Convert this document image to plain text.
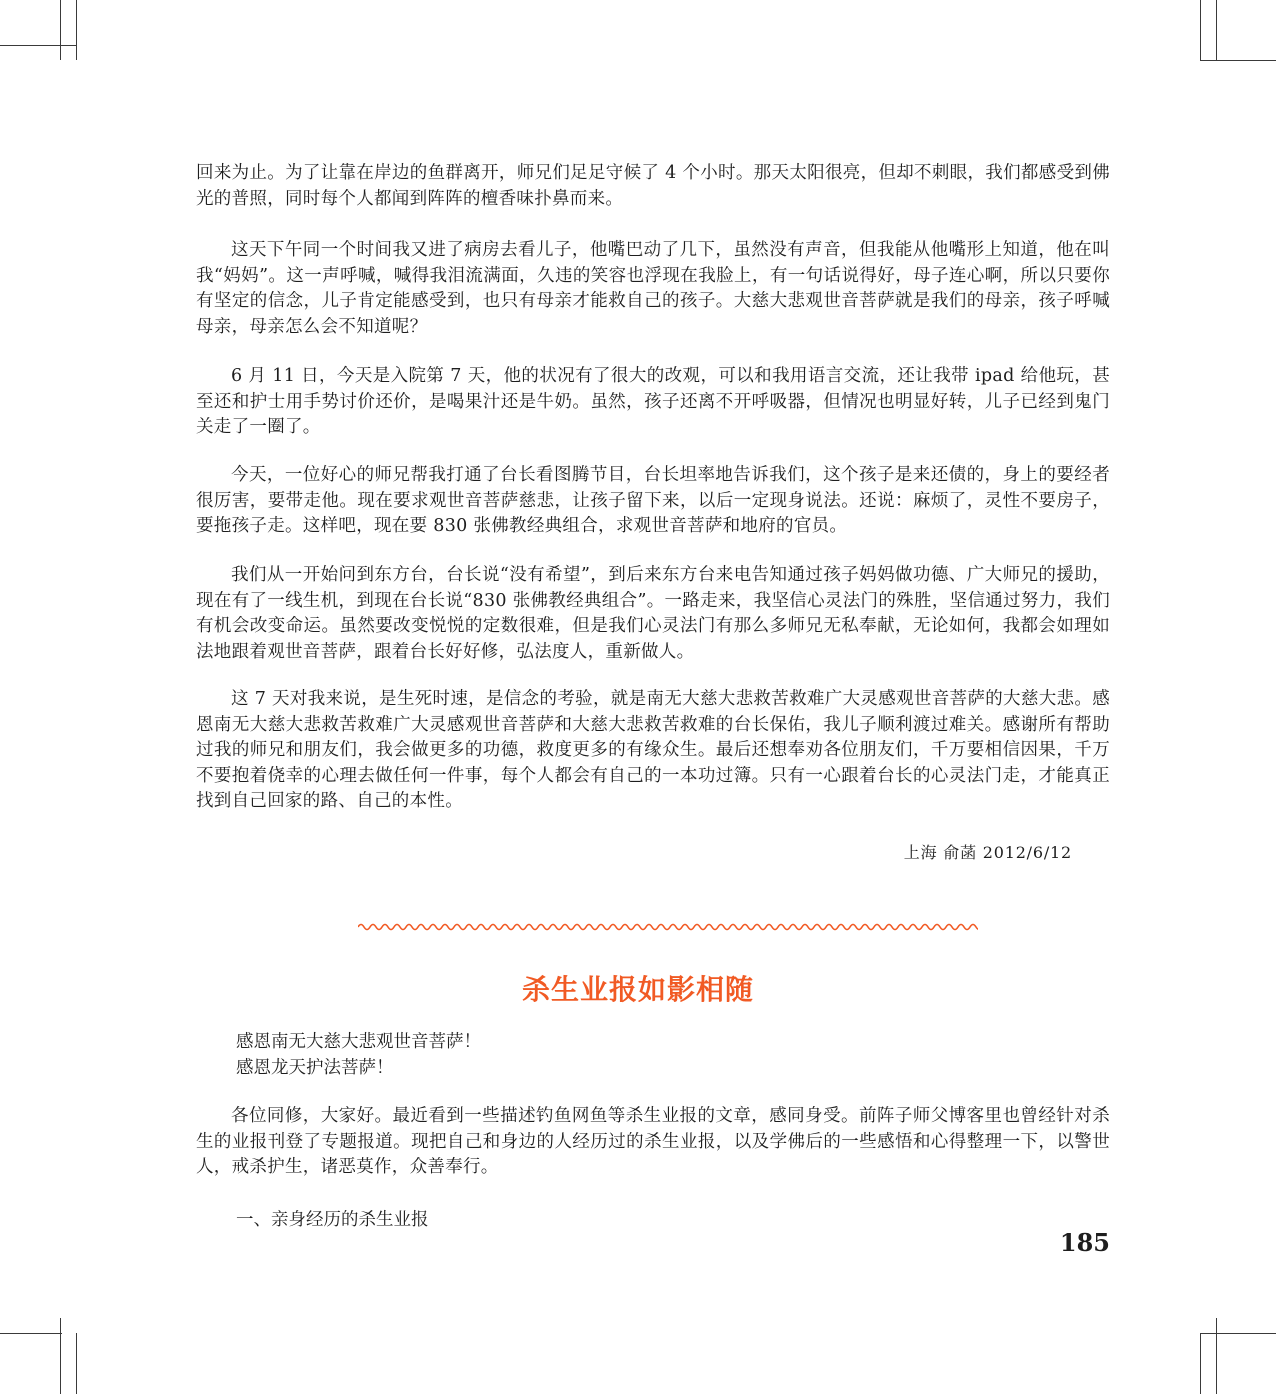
回来为止。为了让靠在岸边的鱼群离开，师兄们足足守候了 4 个小时。那天太阳很亮，但却不刺眼，我们都感受到佛光的普照，同时每个人都闻到阵阵的檀香味扑鼻而来。

这天下午同一个时间我又进了病房去看儿子，他嘴巴动了几下，虽然没有声音，但我能从他嘴形上知道，他在叫我“妈妈”。这一声呼喊，喊得我泪流满面，久违的笑容也浮现在我脸上，有一句话说得好，母子连心啊，所以只要你有坚定的信念，儿子肯定能感受到，也只有母亲才能救自己的孩子。大慈大悲观世音菩萨就是我们的母亲，孩子呼喊母亲，母亲怎么会不知道呢？

6 月 11 日，今天是入院第 7 天，他的状况有了很大的改观，可以和我用语言交流，还让我带 ipad 给他玩，甚至还和护士用手势讨价还价，是喝果汁还是牛奶。虽然，孩子还离不开呼吸器，但情况也明显好转，儿子已经到鬼门关走了一圈了。

今天，一位好心的师兄帮我打通了台长看图腾节目，台长坦率地告诉我们，这个孩子是来还债的，身上的要经者很厉害，要带走他。现在要求观世音菩萨慈悲，让孩子留下来，以后一定现身说法。还说：麻烦了，灵性不要房子，要拖孩子走。这样吧，现在要 830 张佛教经典组合，求观世音菩萨和地府的官员。

我们从一开始问到东方台，台长说“没有希望”，到后来东方台来电告知通过孩子妈妈做功德、广大师兄的援助，现在有了一线生机，到现在台长说“830 张佛教经典组合”。一路走来，我坚信心灵法门的殊胜，坚信通过努力，我们有机会改变命运。虽然要改变悦悦的定数很难，但是我们心灵法门有那么多师兄无私奉献，无论如何，我都会如理如法地跟着观世音菩萨，跟着台长好好修，弘法度人，重新做人。

这 7 天对我来说，是生死时速，是信念的考验，就是南无大慈大悲救苦救难广大灵感观世音菩萨的大慈大悲。感恩南无大慈大悲救苦救难广大灵感观世音菩萨和大慈大悲救苦救难的台长保佑，我儿子顺利渡过难关。感谢所有帮助过我的师兄和朋友们，我会做更多的功德，救度更多的有缘众生。最后还想奉劝各位朋友们，千万要相信因果，千万不要抱着侥幸的心理去做任何一件事，每个人都会有自己的一本功过簿。只有一心跟着台长的心灵法门走，才能真正找到自己回家的路、自己的本性。

上海 俞菡 2012/6/12

杀生业报如影相随
感恩南无大慈大悲观世音菩萨！
感恩龙天护法菩萨！

各位同修，大家好。最近看到一些描述钓鱼网鱼等杀生业报的文章，感同身受。前阵子师父博客里也曾经针对杀生的业报刊登了专题报道。现把自己和身边的人经历过的杀生业报，以及学佛后的一些感悟和心得整理一下，以警世人，戒杀护生，诸恶莫作，众善奉行。

一、亲身经历的杀生业报

185
